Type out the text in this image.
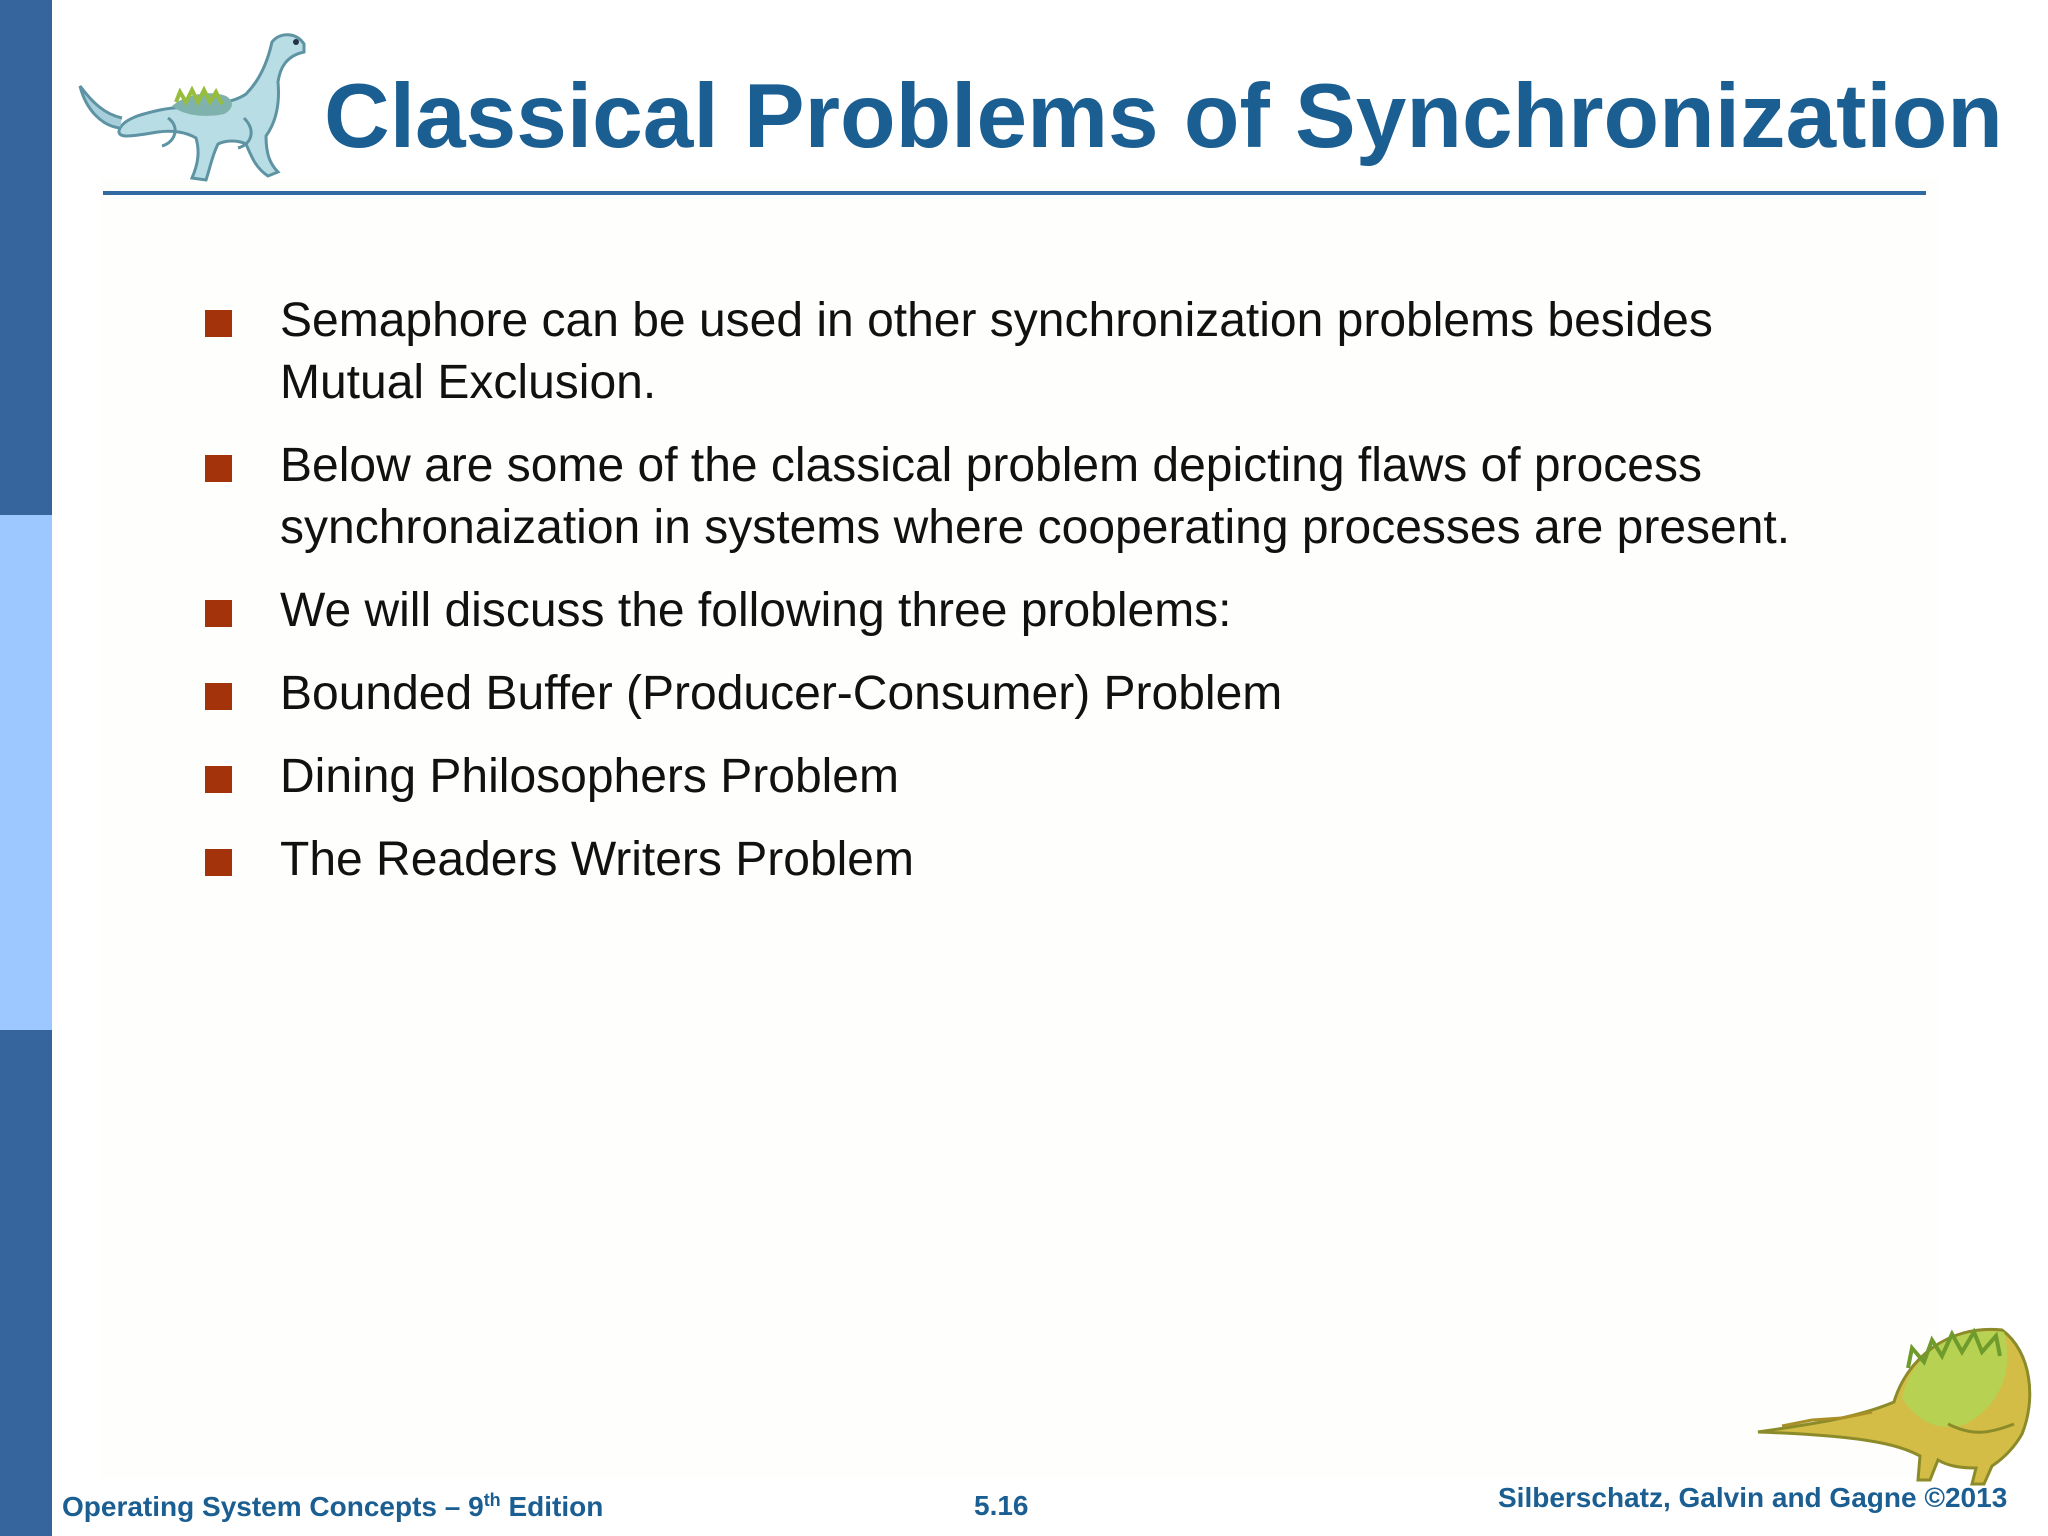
Classical Problems of Synchronization
Semaphore can be used in other synchronization problems besides Mutual Exclusion.
Below are some of the classical problem depicting flaws of process synchronaization in systems where cooperating processes are present.
We will discuss the following three problems:
Bounded Buffer (Producer-Consumer) Problem
Dining Philosophers Problem
The Readers Writers Problem
Operating System Concepts – 9th Edition	5.16	Silberschatz, Galvin and Gagne ©2013
